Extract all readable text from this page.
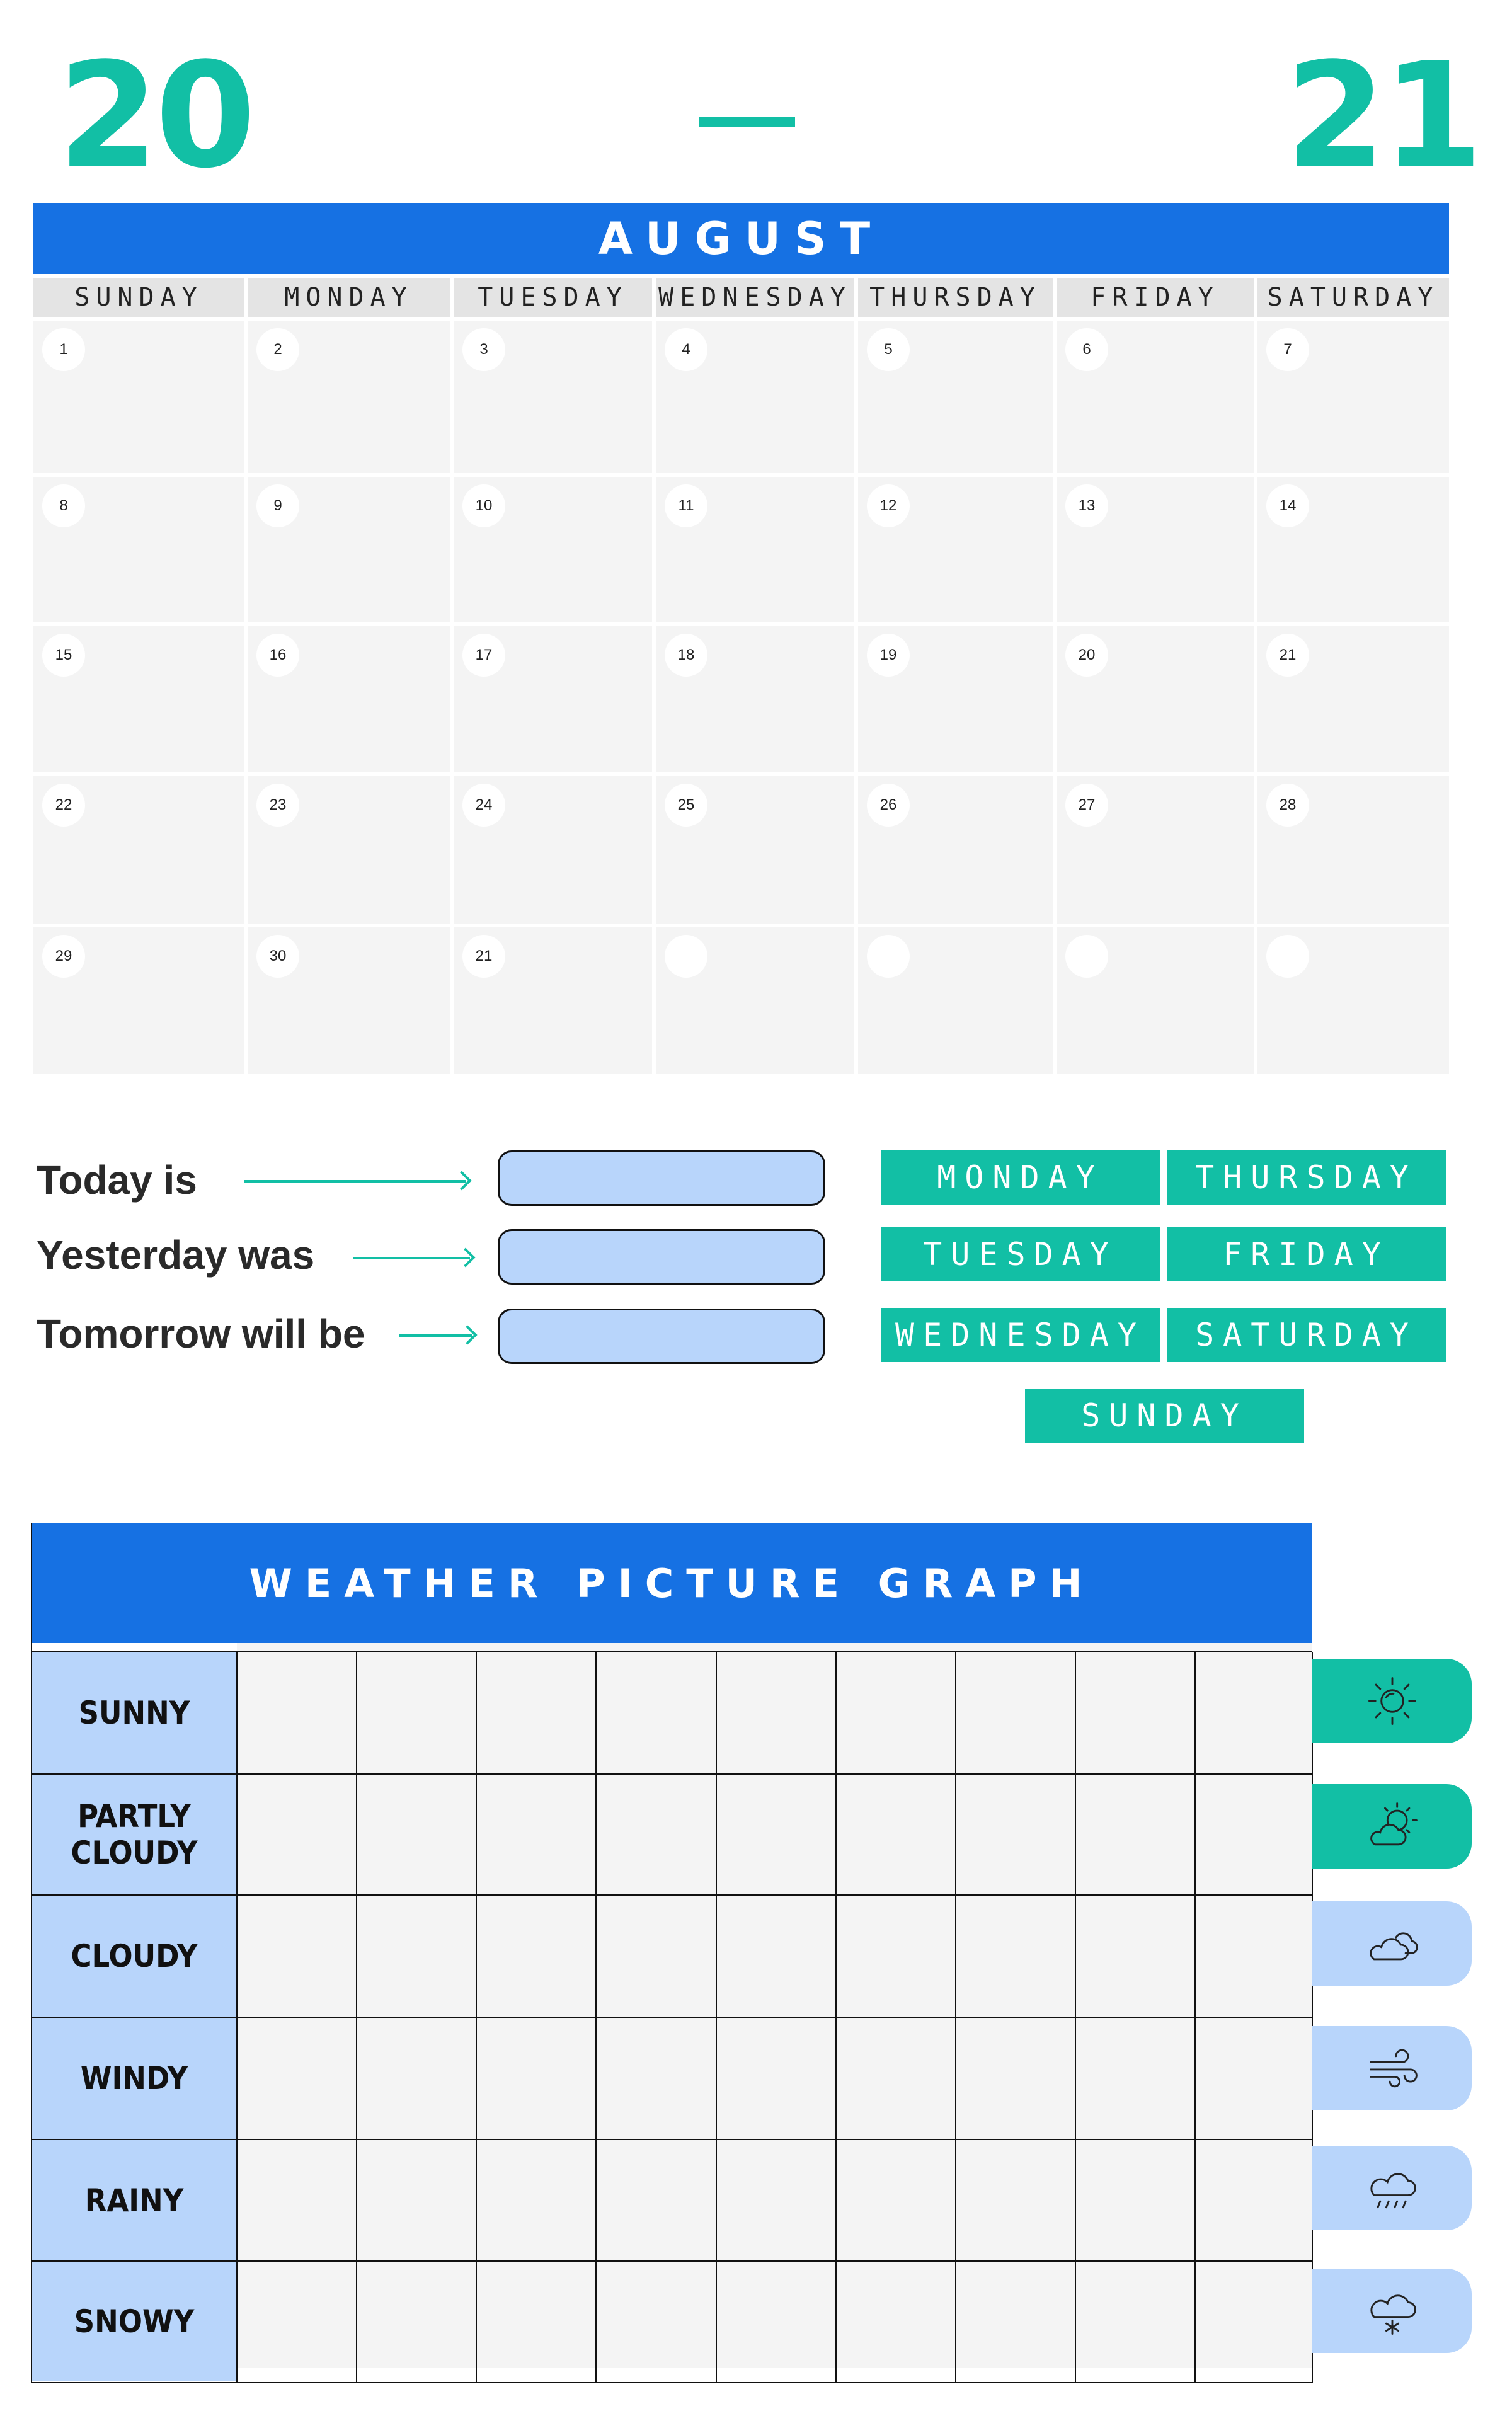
20	21
AUGUST
SUNDAY	MONDAY	TUESDAY	WEDNESDAY THURSDAY	FRIDAY	SATURDAY
1	2	3	4	5	6	7
8	9	10	11	12	13	14
15	16	17	18	19	20	21
22	23	24	25	26	27	28
29	30	21
Today is
Yesterday was
Tomorrow will be
MONDAY	THURSDAY
TUESDAY	FRIDAY
WEDNESDAY	SATURDAY
SUNDAY
WEATHER PICTURE GRAPH
SUNNY
PARTLY CLOUDY
CLOUDY
WINDY
RAINY
SNOWY
